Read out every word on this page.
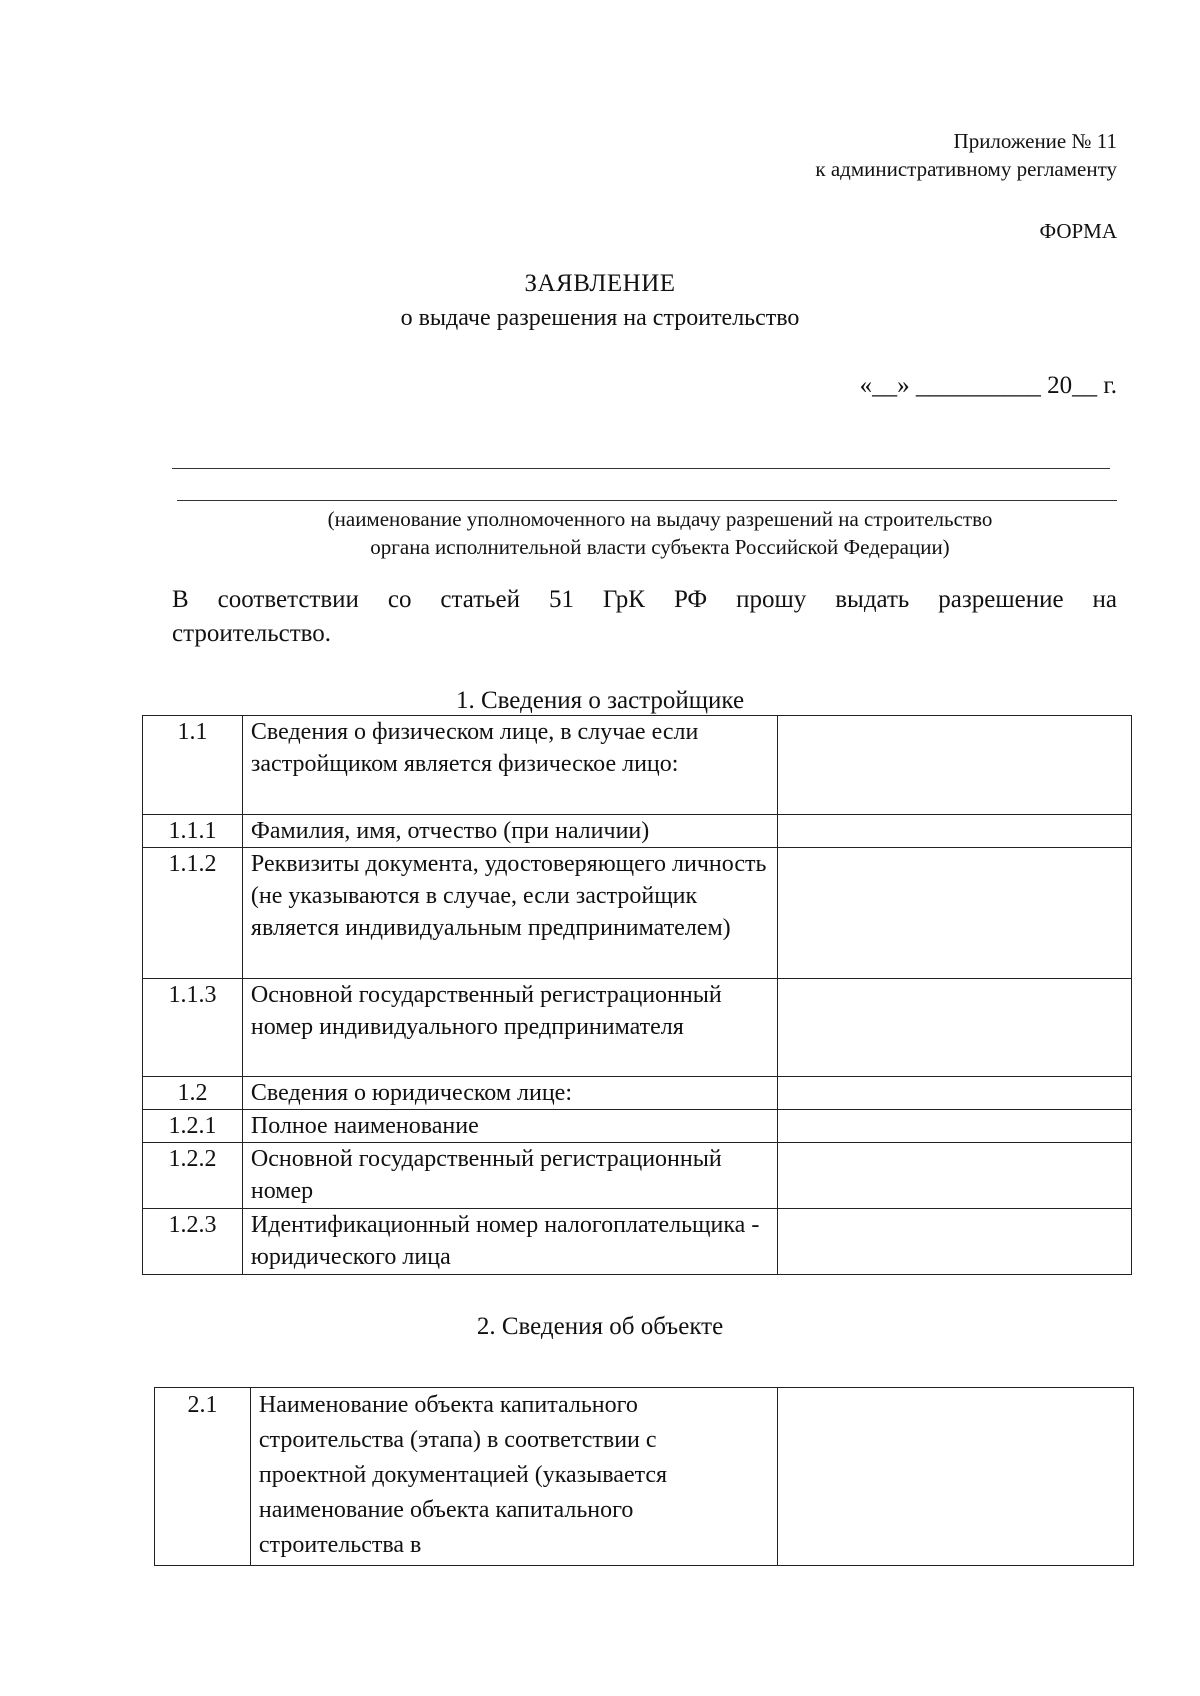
Приложение № 11
к административному регламенту
ФОРМА
ЗАЯВЛЕНИЕ
о выдаче разрешения на строительство
«__» __________ 20__ г.
(наименование уполномоченного на выдачу разрешений на строительство
органа исполнительной власти субъекта Российской Федерации)
В соответствии со статьей 51 ГрК РФ прошу выдать разрешение на строительство.
1. Сведения о застройщике
1.1	Сведения о физическом лице, в случае если застройщиком является физическое лицо:	
1.1.1	Фамилия, имя, отчество (при наличии)	
1.1.2	Реквизиты документа, удостоверяющего личность (не указываются в случае, если застройщик является индивидуальным предпринимателем)	
1.1.3	Основной государственный регистрационный номер индивидуального предпринимателя	
1.2	Сведения о юридическом лице:	
1.2.1	Полное наименование	
1.2.2	Основной государственный регистрационный номер	
1.2.3	Идентификационный номер налогоплательщика - юридического лица	
2. Сведения об объекте
2.1	Наименование объекта капитального строительства (этапа) в соответствии с проектной документацией (указывается наименование объекта капитального строительства в	
